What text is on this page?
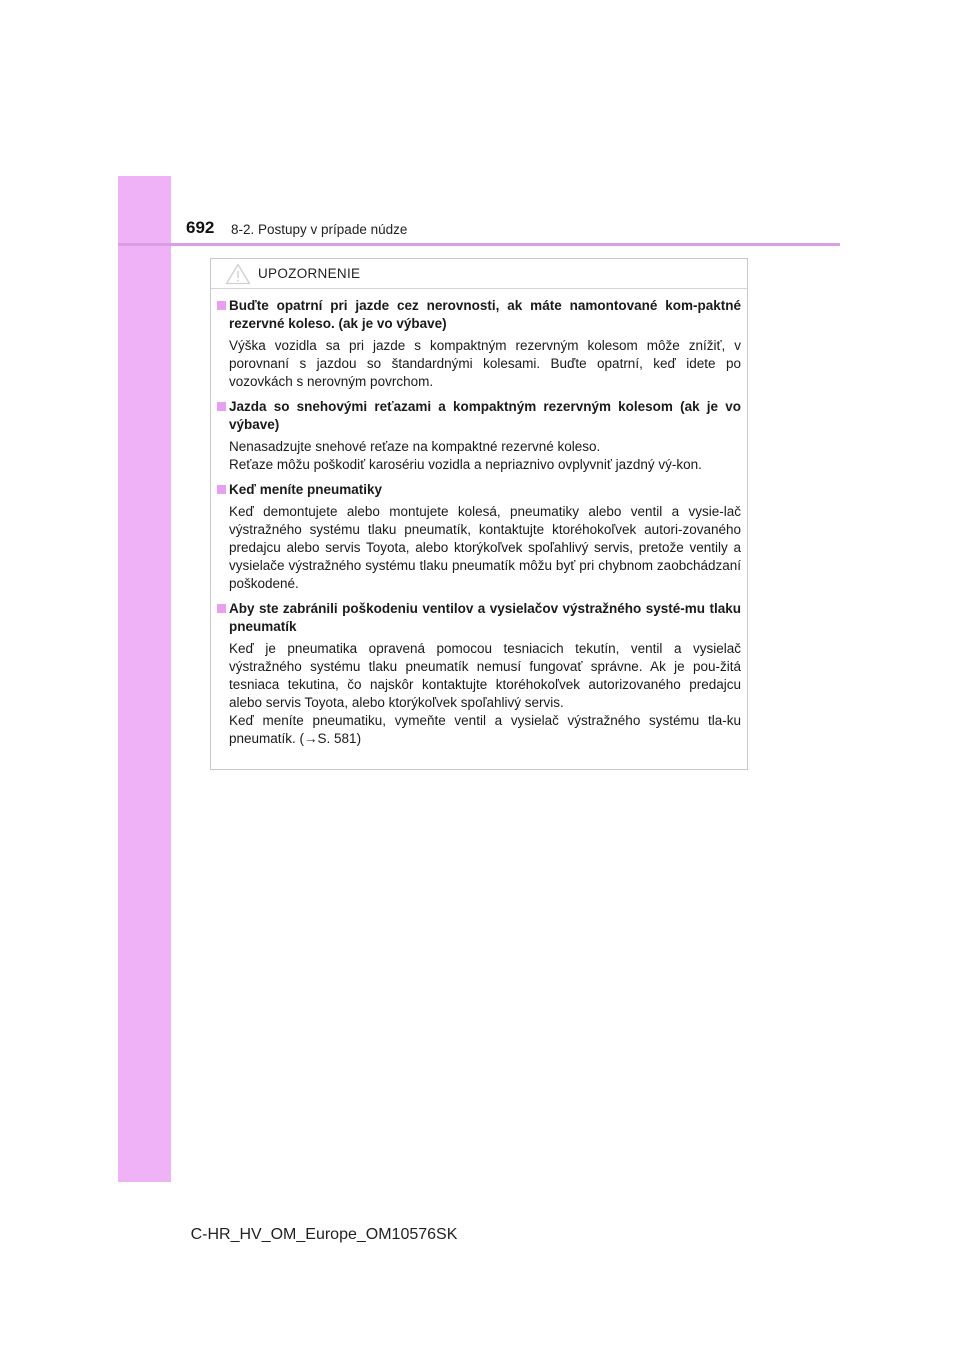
692 8-2. Postupy v prípade núdze
UPOZORNENIE
Buďte opatrní pri jazde cez nerovnosti, ak máte namontované kom-paktné rezervné koleso. (ak je vo výbave)
Výška vozidla sa pri jazde s kompaktným rezervným kolesom môže znížiť, v porovnaní s jazdou so štandardnými kolesami. Buďte opatrní, keď idete po vozovkách s nerovným povrchom.
Jazda so snehovými reťazami a kompaktným rezervným kolesom (ak je vo výbave)
Nenasadzujte snehové reťaze na kompaktné rezervné koleso.
Reťaze môžu poškodiť karosériu vozidla a nepriaznivo ovplyvniť jazdný vý-kon.
Keď meníte pneumatiky
Keď demontujete alebo montujete kolesá, pneumatiky alebo ventil a vysie-lač výstražného systému tlaku pneumatík, kontaktujte ktoréhokoľvek autori-zovaného predajcu alebo servis Toyota, alebo ktorýkoľvek spoľahlivý servis, pretože ventily a vysielače výstražného systému tlaku pneumatík môžu byť pri chybnom zaobchádzaní poškodené.
Aby ste zabránili poškodeniu ventilov a vysielačov výstražného systé-mu tlaku pneumatík
Keď je pneumatika opravená pomocou tesniacich tekutín, ventil a vysielač výstražného systému tlaku pneumatík nemusí fungovať správne. Ak je pou-žitá tesniaca tekutina, čo najskôr kontaktujte ktoréhokoľvek autorizovaného predajcu alebo servis Toyota, alebo ktorýkoľvek spoľahlivý servis.
Keď meníte pneumatiku, vymeňte ventil a vysielač výstražného systému tla-ku pneumatík. (→S. 581)
C-HR_HV_OM_Europe_OM10576SK
